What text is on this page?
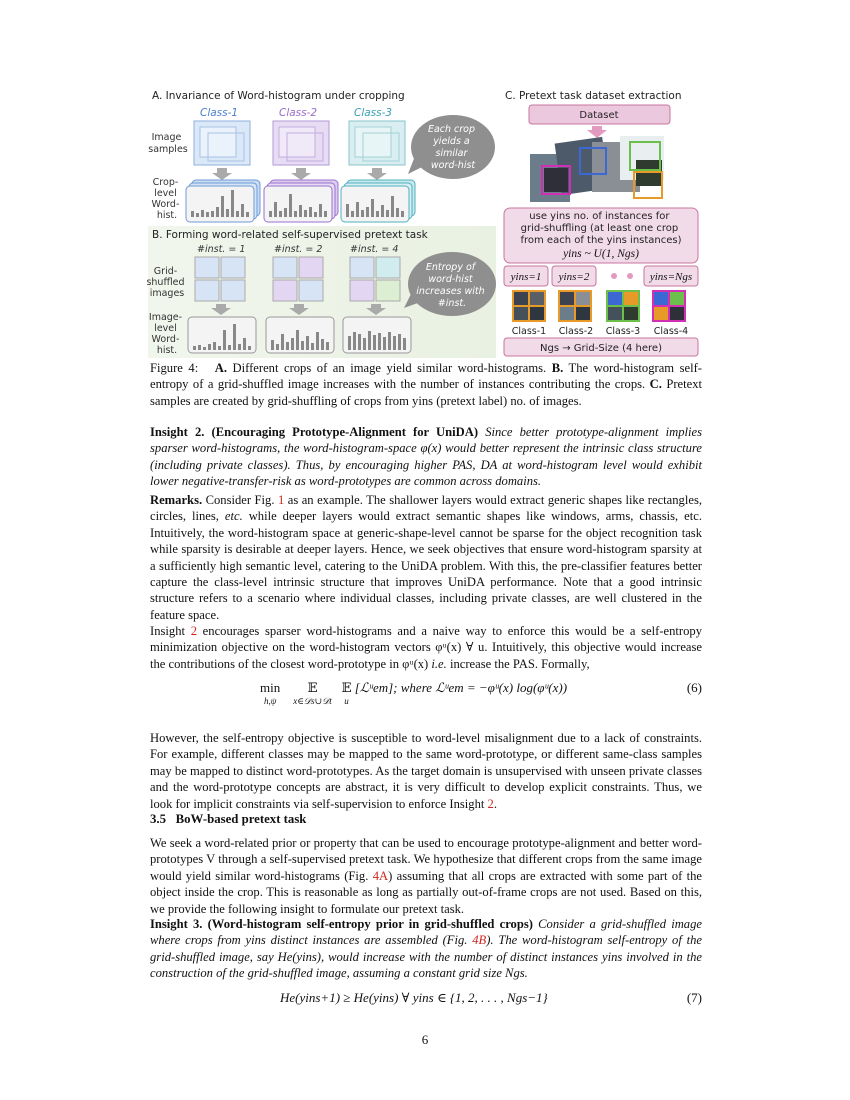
A. Invariance of Word-histogram under cropping
Class-1	Class-2	Class-3
Image samples
Each crop yields a similar word-hist
Crop- level Word- hist.
B. Forming word-related self-supervised pretext task
#inst. = 1	#inst. = 2	#inst. = 4
Grid- shuffled images
Entropy of word-hist increases with #inst.
Image- level Word- hist.
C. Pretext task dataset extraction
Dataset
use yins no. of instances for grid-shuffling (at least one crop from each of the yins instances)
yins ~ U(1, Ngs)
yins=1 yins=2	yins=Ngs
Class-1 Class-2 Class-3 Class-4
Ngs → Grid-Size (4 here)
Figure 4: A. Different crops of an image yield similar word-histograms. B. The word-histogram self-entropy of a grid-shuffled image increases with the number of instances contributing the crops. C. Pretext samples are created by grid-shuffling of crops from yins (pretext label) no. of images.
Insight 2. (Encouraging Prototype-Alignment for UniDA) Since better prototype-alignment implies sparser word-histograms, the word-histogram-space φ(x) would better represent the intrinsic class structure (including private classes). Thus, by encouraging higher PAS, DA at word-histogram level would exhibit lower negative-transfer-risk as word-prototypes are common across domains.
Remarks. Consider Fig. 1 as an example. The shallower layers would extract generic shapes like rectangles, circles, lines, etc. while deeper layers would extract semantic shapes like windows, arms, chassis, etc. Intuitively, the word-histogram space at generic-shape-level cannot be sparse for the object recognition task while sparsity is desirable at deeper layers. Hence, we seek objectives that ensure word-histogram sparsity at a sufficiently high semantic level, catering to the UniDA problem. With this, the pre-classifier features better capture the class-level intrinsic structure that improves UniDA performance. Note that a good intrinsic structure refers to a scenario where individual classes, including private classes, are well clustered in the feature space.
Insight 2 encourages sparser word-histograms and a naive way to enforce this would be a self-entropy minimization objective on the word-histogram vectors φᵘ(x) ∀ u. Intuitively, this objective would increase the contributions of the closest word-prototype in φᵘ(x) i.e. increase the PAS. Formally,
min
$^{h,\psi}$    𝔼
$^{x\in 𝒟s\cup 𝒟t}$   𝔼
$^u$ [ℒᵘem]; where ℒᵘem = −φᵘ(x) log(φᵘ(x))	(6)
However, the self-entropy objective is susceptible to word-level misalignment due to a lack of constraints. For example, different classes may be mapped to the same word-prototype, or different same-class samples may be mapped to distinct word-prototypes. As the target domain is unsupervised with unseen private classes and the word-prototype concepts are abstract, it is very difficult to develop explicit constraints. Thus, we look for implicit constraints via self-supervision to enforce Insight 2.
3.5 BoW-based pretext task
We seek a word-related prior or property that can be used to encourage prototype-alignment and better word-prototypes V through a self-supervised pretext task. We hypothesize that different crops from the same image would yield similar word-histograms (Fig. 4A) assuming that all crops are extracted with some part of the object inside the crop. This is reasonable as long as partially out-of-frame crops are not used. Based on this, we provide the following insight to formulate our pretext task.
Insight 3. (Word-histogram self-entropy prior in grid-shuffled crops) Consider a grid-shuffled image where crops from yins distinct instances are assembled (Fig. 4B). The word-histogram self-entropy of the grid-shuffled image, say He(yins), would increase with the number of distinct instances yins involved in the construction of the grid-shuffled image, assuming a constant grid size Ngs.
He(yins+1) ≥ He(yins) ∀ yins ∈ {1, 2, . . . , Ngs−1}	(7)
6
